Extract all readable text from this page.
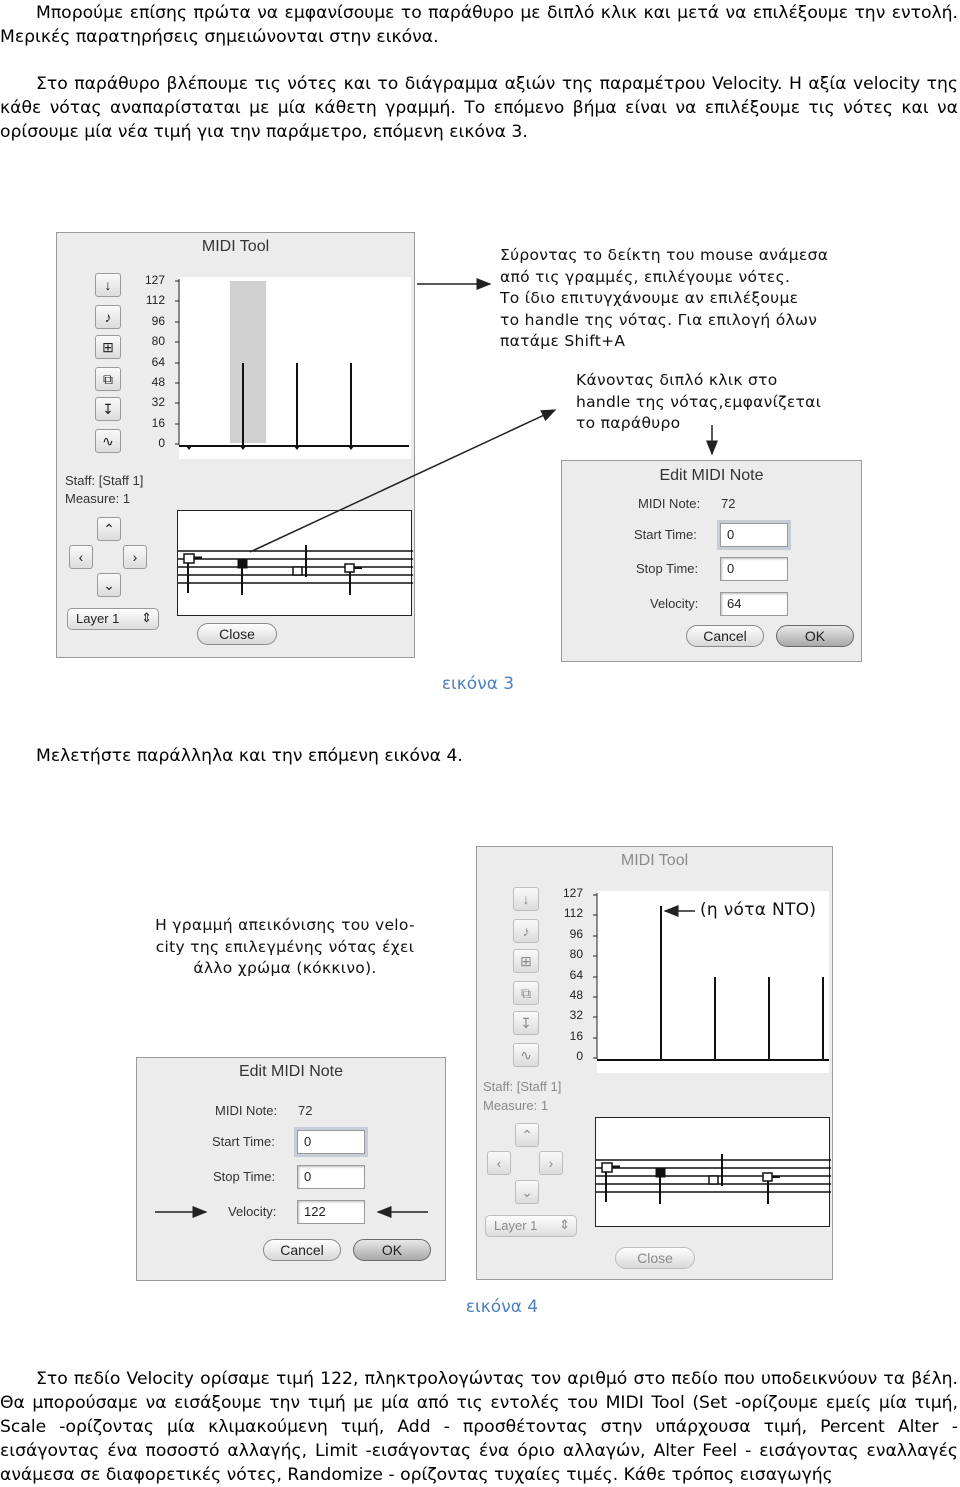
Μπορούμε επίσης πρώτα να εμφανίσουμε το παράθυρο με διπλό κλικ και μετά να επιλέξουμε την εντολή. Μερικές παρατηρήσεις σημειώνονται στην εικόνα.

Στο παράθυρο βλέπουμε τις νότες και το διάγραμμα αξιών της παραμέτρου Velocity. Η αξία velocity της κάθε νότας αναπαρίσταται με μία κάθετη γραμμή. Το επόμενο βήμα είναι να επιλέξουμε τις νότες και να ορίσουμε μία νέα τιμή για την παράμετρο, επόμενη εικόνα 3.

Μελετήστε παράλληλα και την επόμενη εικόνα 4.

Στο πεδίο Velocity ορίσαμε τιμή 122, πληκτρολογώντας τον αριθμό στο πεδίο που υποδεικνύουν τα βέλη. Θα μπορούσαμε να εισάξουμε την τιμή με μία από τις εντολές του MIDI Tool (Set -ορίζουμε εμείς μία τιμή, Scale -ορίζοντας μία κλιμακούμενη τιμή, Add - προσθέτοντας στην υπάρχουσα τιμή, Percent Alter - εισάγοντας ένα ποσοστό αλλαγής, Limit -εισάγοντας ένα όριο αλλαγών, Alter Feel - εισάγοντας εναλλαγές ανάμεσα σε διαφορετικές νότες, Randomize - ορίζοντας τυχαίες τιμές. Κάθε τρόπος εισαγωγής

MIDI Tool
↓
♪
⊞
⧉
↧
∿
127
112
96
80
64
48
32
16
0
Staff: [Staff 1]
Measure: 1
⌃
‹	›
⌄
Layer 1 ⇕
Close
Σύροντας το δείκτη του mouse ανάμεσα
από τις γραμμές, επιλέγουμε νότες.
Το ίδιο επιτυγχάνουμε αν επιλέξουμε
το handle της νότας. Για επιλογή όλων
πατάμε Shift+A
Κάνοντας διπλό κλικ στο
handle της νότας,εμφανίζεται
το παράθυρο
Edit MIDI Note
MIDI Note: 72
Start Time:	0
Stop Time:	0
Velocity:	64
Cancel	OK
εικόνα 3
Η γραμμή απεικόνισης του velo-
city της επιλεγμένης νότας έχει
άλλο χρώμα (κόκκινο).
MIDI Tool
↓
♪
⊞
⧉
↧
∿
127
112
96
80
64
48
32
16
0
Staff: [Staff 1]
Measure: 1
⌃
‹	›
⌄
Layer 1 ⇕
Close
Edit MIDI Note
MIDI Note: 72
Start Time:	0
Stop Time:	0
Velocity:	122
Cancel	OK
(η νότα ΝΤΟ)
εικόνα 4
